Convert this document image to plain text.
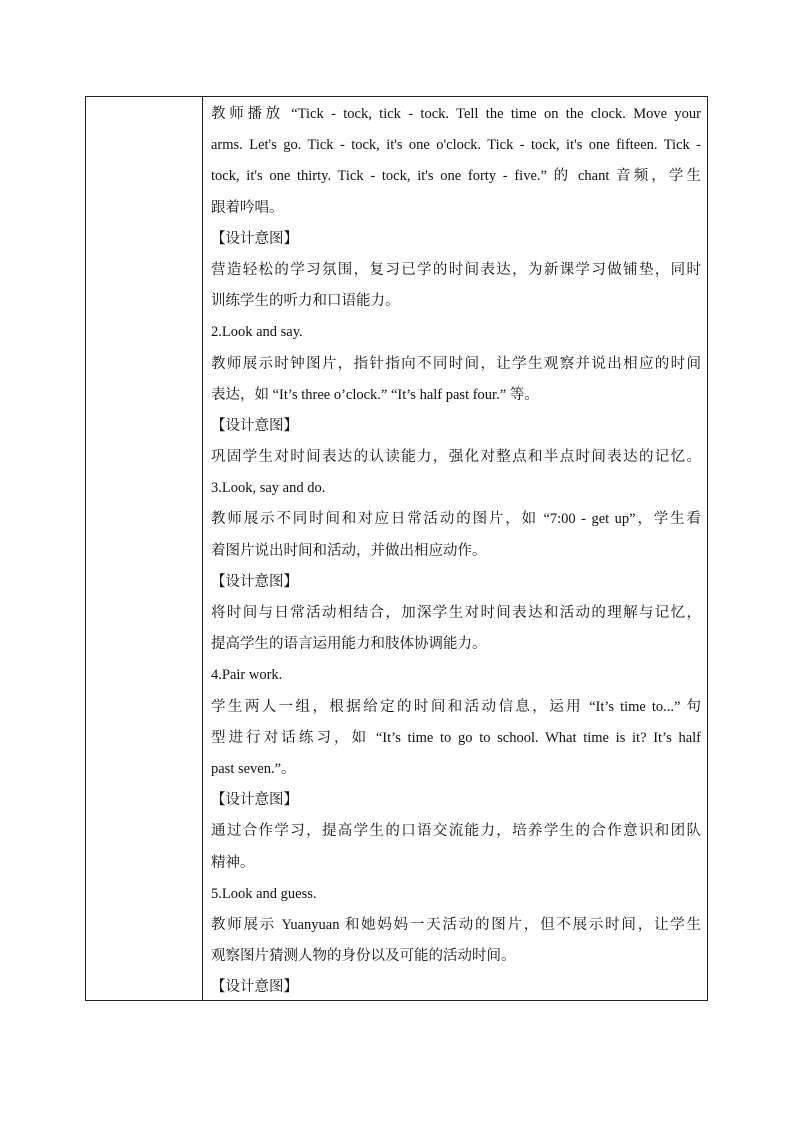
教师播放 “Tick - tock, tick - tock. Tell the time on the clock. Move your
arms. Let's go. Tick - tock, it's one o'clock. Tick - tock, it's one fifteen. Tick -
tock, it's one thirty. Tick - tock, it's one forty - five.” 的 chant 音频，学生
跟着吟唱。
【设计意图】
营造轻松的学习氛围，复习已学的时间表达，为新课学习做铺垫，同时
训练学生的听力和口语能力。
2.Look and say.
教师展示时钟图片，指针指向不同时间，让学生观察并说出相应的时间
表达，如 “It’s three o’clock.” “It’s half past four.” 等。
【设计意图】
巩固学生对时间表达的认读能力，强化对整点和半点时间表达的记忆。
3.Look, say and do.
教师展示不同时间和对应日常活动的图片，如 “7:00 - get up”，学生看
着图片说出时间和活动，并做出相应动作。
【设计意图】
将时间与日常活动相结合，加深学生对时间表达和活动的理解与记忆，
提高学生的语言运用能力和肢体协调能力。
4.Pair work.
学生两人一组，根据给定的时间和活动信息，运用 “It’s time to...” 句
型进行对话练习，如 “It’s time to go to school. What time is it? It’s half
past seven.”。
【设计意图】
通过合作学习，提高学生的口语交流能力，培养学生的合作意识和团队
精神。
5.Look and guess.
教师展示 Yuanyuan 和她妈妈一天活动的图片，但不展示时间，让学生
观察图片猜测人物的身份以及可能的活动时间。
【设计意图】
